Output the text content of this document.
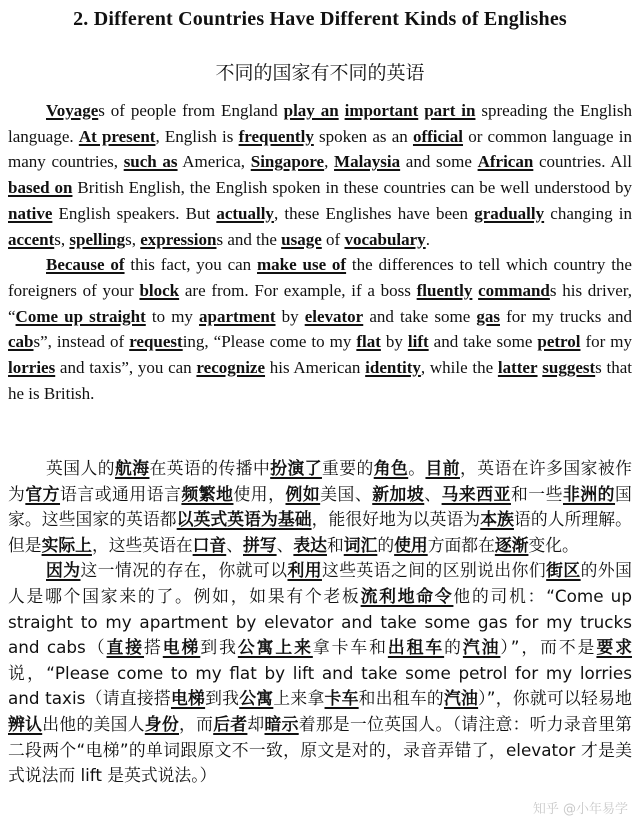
2. Different Countries Have Different Kinds of Englishes
不同的国家有不同的英语

Voyages of people from England play an important part in spreading the English language. At present, English is frequently spoken as an official or common language in many countries, such as America, Singapore, Malaysia and some African countries. All based on British English, the English spoken in these countries can be well understood by native English speakers. But actually, these Englishes have been gradually changing in accents, spellings, expressions and the usage of vocabulary.

Because of this fact, you can make use of the differences to tell which country the foreigners of your block are from. For example, if a boss fluently commands his driver, “Come up straight to my apartment by elevator and take some gas for my trucks and cabs”, instead of requesting, “Please come to my flat by lift and take some petrol for my lorries and taxis”, you can recognize his American identity, while the latter suggests that he is British.

英国人的航海在英语的传播中扮演了重要的角色。目前，英语在许多国家被作为官方语言或通用语言频繁地使用，例如美国、新加坡、马来西亚和一些非洲的国家。这些国家的英语都以英式英语为基础，能很好地为以英语为本族语的人所理解。但是实际上，这些英语在口音、拼写、表达和词汇的使用方面都在逐渐变化。

因为这一情况的存在，你就可以利用这些英语之间的区别说出你们街区的外国人是哪个国家来的了。例如，如果有个老板流利地命令他的司机：“Come up straight to my apartment by elevator and take some gas for my trucks and cabs（直接搭电梯到我公寓上来拿卡车和出租车的汽油）”，而不是要求说，“Please come to my flat by lift and take some petrol for my lorries and taxis（请直接搭电梯到我公寓上来拿卡车和出租车的汽油）”，你就可以轻易地辨认出他的美国人身份，而后者却暗示着那是一位英国人。（请注意：听力录音里第二段两个“电梯”的单词跟原文不一致，原文是对的，录音弄错了，elevator 才是美式说法而 lift 是英式说法。）

知乎 @小年易学
